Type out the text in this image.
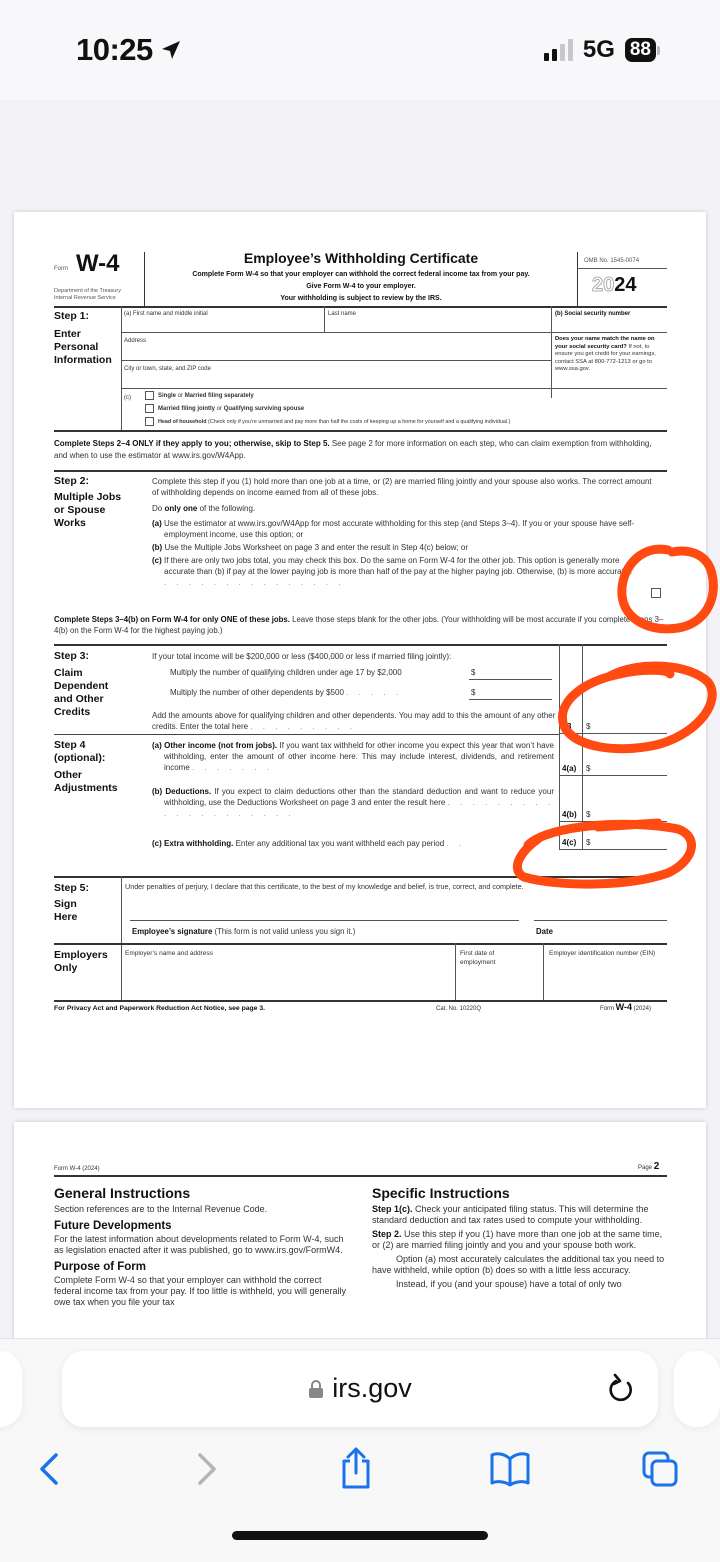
10:25	5G 88
Form W-4
Department of the Treasury
Internal Revenue Service
Employee’s Withholding Certificate
Complete Form W-4 so that your employer can withhold the correct federal income tax from your pay.
Give Form W-4 to your employer.
Your withholding is subject to review by the IRS.
OMB No. 1545-0074
2024
Step 1:
Enter
Personal
Information
(a) First name and middle initial	Last name	(b) Social security number
Address
City or town, state, and ZIP code
Does your name match the name on your social security card? If not, to ensure you get credit for your earnings, contact SSA at 800-772-1213 or go to www.ssa.gov.
(c)	Single or Married filing separately
Married filing jointly or Qualifying surviving spouse
Head of household (Check only if you’re unmarried and pay more than half the costs of keeping up a home for yourself and a qualifying individual.)
Complete Steps 2–4 ONLY if they apply to you; otherwise, skip to Step 5. See page 2 for more information on each step, who can claim exemption from withholding, and when to use the estimator at www.irs.gov/W4App.
Step 2:
Multiple Jobs
or Spouse
Works
Complete this step if you (1) hold more than one job at a time, or (2) are married filing jointly and your spouse also works. The correct amount of withholding depends on income earned from all of these jobs.
Do only one of the following.
(a) Use the estimator at www.irs.gov/W4App for most accurate withholding for this step (and Steps 3–4). If you or your spouse have self-employment income, use this option; or
(b) Use the Multiple Jobs Worksheet on page 3 and enter the result in Step 4(c) below; or
(c) If there are only two jobs total, you may check this box. Do the same on Form W-4 for the other job. This option is generally more accurate than (b) if pay at the lower paying job is more than half of the pay at the higher paying job. Otherwise, (b) is more accurate . . . . . . . . . . . . . . . .
Complete Steps 3–4(b) on Form W-4 for only ONE of these jobs. Leave those steps blank for the other jobs. (Your withholding will be most accurate if you complete Steps 3–4(b) on the Form W-4 for the highest paying job.)
Step 3:
Claim
Dependent
and Other
Credits
If your total income will be $200,000 or less ($400,000 or less if married filing jointly):
Multiply the number of qualifying children under age 17 by $2,000	$
Multiply the number of other dependents by $500 . . . . .	$
Add the amounts above for qualifying children and other dependents. You may add to this the amount of any other credits. Enter the total here . . . . . . . . .	3 $
Step 4
(optional):
Other
Adjustments
(a) Other income (not from jobs). If you want tax withheld for other income you expect this year that won’t have withholding, enter the amount of other income here. This may include interest, dividends, and retirement income . . . . . . .	4(a) $
(b) Deductions. If you expect to claim deductions other than the standard deduction and want to reduce your withholding, use the Deductions Worksheet on page 3 and enter the result here . . . . . . . . . . . . . . . . . . . .	4(b) $
(c) Extra withholding. Enter any additional tax you want withheld each pay period . .	4(c) $
Step 5:
Sign
Here
Under penalties of perjury, I declare that this certificate, to the best of my knowledge and belief, is true, correct, and complete.
Employee’s signature (This form is not valid unless you sign it.)	Date
Employers
Only
Employer’s name and address	First date of employment
Employer identification number (EIN)
For Privacy Act and Paperwork Reduction Act Notice, see page 3.	Cat. No. 10220Q	Form W-4 (2024)
Form W-4 (2024)	Page 2
General Instructions
Section references are to the Internal Revenue Code.
Future Developments
For the latest information about developments related to Form W-4, such as legislation enacted after it was published, go to www.irs.gov/FormW4.
Purpose of Form
Complete Form W-4 so that your employer can withhold the correct federal income tax from your pay. If too little is withheld, you will generally owe tax when you file your tax
Specific Instructions
Step 1(c). Check your anticipated filing status. This will determine the standard deduction and tax rates used to compute your withholding.
Step 2. Use this step if you (1) have more than one job at the same time, or (2) are married filing jointly and you and your spouse both work.
Option (a) most accurately calculates the additional tax you need to have withheld, while option (b) does so with a little less accuracy.
Instead, if you (and your spouse) have a total of only two
irs.gov
